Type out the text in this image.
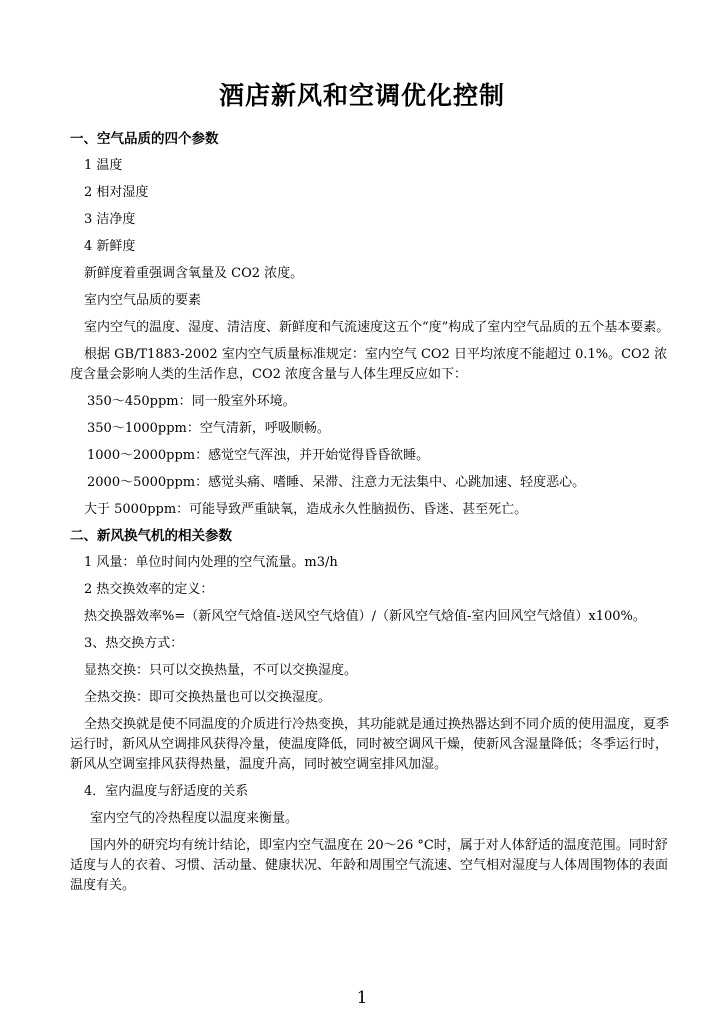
酒店新风和空调优化控制
一、空气品质的四个参数
1 温度
2 相对湿度
3 洁净度
4 新鲜度
新鲜度着重强调含氧量及 CO2 浓度。
室内空气品质的要素
室内空气的温度、湿度、清洁度、新鲜度和气流速度这五个“度”构成了室内空气品质的五个基本要素。
根据 GB/T1883-2002 室内空气质量标准规定：室内空气 CO2 日平均浓度不能超过 0.1%。CO2 浓度含量会影响人类的生活作息，CO2 浓度含量与人体生理反应如下：
350～450ppm：同一般室外环境。
350～1000ppm：空气清新，呼吸顺畅。
1000～2000ppm：感觉空气浑浊，并开始觉得昏昏欲睡。
2000～5000ppm：感觉头痛、嗜睡、呆滞、注意力无法集中、心跳加速、轻度恶心。
大于 5000ppm：可能导致严重缺氧，造成永久性脑损伤、昏迷、甚至死亡。
二、新风换气机的相关参数
1 风量：单位时间内处理的空气流量。m3/h
2 热交换效率的定义：
热交换器效率%=（新风空气焓值-送风空气焓值）/（新风空气焓值-室内回风空气焓值）x100%。
3、热交换方式：
显热交换：只可以交换热量，不可以交换湿度。
全热交换：即可交换热量也可以交换湿度。
全热交换就是使不同温度的介质进行冷热变换，其功能就是通过换热器达到不同介质的使用温度，夏季运行时，新风从空调排风获得冷量，使温度降低，同时被空调风干燥，使新风含湿量降低；冬季运行时，新风从空调室排风获得热量，温度升高，同时被空调室排风加湿。
4．室内温度与舒适度的关系
室内空气的冷热程度以温度来衡量。
国内外的研究均有统计结论，即室内空气温度在 20～26 °C时，属于对人体舒适的温度范围。同时舒适度与人的衣着、习惯、活动量、健康状况、年龄和周围空气流速、空气相对湿度与人体周围物体的表面温度有关。
1
